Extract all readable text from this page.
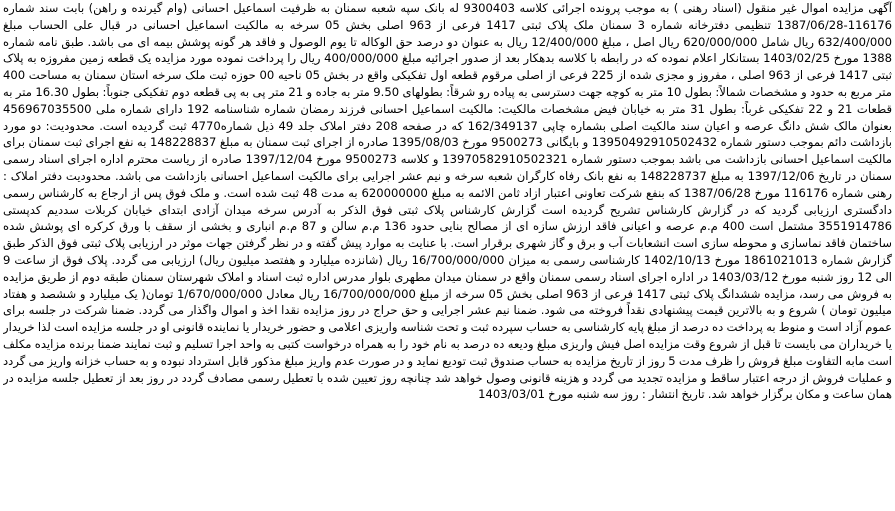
آگهی مزایده اموال غیر منقول (اسناد رهنی ) به موجب پرونده اجرائی کلاسه 9300403 له بانک سپه شعبه سمنان به ظرفیت اسماعیل احسانی (وام گیرنده و راهن) بابت سند شماره 116176-1387/06/28 تنظیمی دفترخانه شماره 3 سمنان ملک پلاک ثبتی 1417 فرعی از 963 اصلی بخش 05 سرخه به مالکیت اسماعیل احسانی در قبال علی الحساب مبلغ 632/400/000 ریال شامل 620/000/000 ریال اصل ، مبلغ 12/400/000 ریال به عنوان دو درصد حق الوکاله تا یوم الوصول و فاقد هر گونه پوشش بیمه ای می باشد. طبق نامه شماره 1388 مورخ 1403/02/25 بستانکار اعلام نموده که در رابطه با کلاسه بدهکار بعد از صدور اجرائیه مبلغ 400/000/000 ریال را پرداخت نموده مورد مزایده یک قطعه زمین مفروزه به پلاک ثبتی 1417 فرعی از 963 اصلی ، مفروز و مجزی شده از 225 فرعی از اصلی مرقوم قطعه اول تفکیکی واقع در بخش 05 ناحیه 00 حوزه ثبت ملک سرخه استان سمنان به مساحت 400 متر مربع به حدود و مشخصات شمالاً: بطول 10 متر به کوچه جهت دسترسی به پیاده رو شرقاً: بطولهای 9.50 متر به جاده و 21 متر پی به پی قطعه دوم تفکیکی جنوباً: بطول 16.30 متر به قطعات 21 و 22 تفکیکی غرباً: بطول 31 متر به خیابان فیض مشخصات مالکیت: مالکیت اسماعیل احسانی فرزند رمضان شماره شناسنامه 192 دارای شماره ملی 456967035500 بعنوان مالک شش دانگ عرصه و اعیان سند مالکیت اصلی بشماره چاپی 162/349137 که در صفحه 208 دفتر املاک جلد 49 ذیل شماره4770 ثبت گردیده است. محدودیت: دو مورد بازداشت دائم بموجب دستور شماره 13950492910502432 و بایگانی 9500273 مورخ 1395/08/03 صادره از اجرای ثبت سمنان به مبلغ 148228837 به نفع اجرای ثبت سمنان برای مالکیت اسماعیل احسانی بازداشت می باشد بموجب دستور شماره 13970582910502321 و کلاسه 9500273 مورخ 1397/12/04 صادره از ریاست محترم اداره اجرای اسناد رسمی سمنان در تاریخ 1397/12/06 به مبلغ 148228737 به نفع بانک رفاه کارگران شعبه سرخه و نیم عشر اجرایی برای مالکیت اسماعیل احسانی بازداشت می باشد. محدودیت دفتر املاک : رهنی شماره 116176 مورخ 1387/06/28 که بنفع شرکت تعاونی اعتبار ازاد ثامن الائمه به مبلغ 620000000 به مدت 48 ثبت شده است. و ملک فوق پس از ارجاع به کارشناس رسمی دادگستری ارزیابی گردید که در گزارش کارشناس تشریح گردیده است گزارش کارشناس پلاک ثبتی فوق الذکر به آدرس سرخه میدان آزادی ابتدای خیابان کربلات سددیم کدپستی 3551914786 مشتمل است 400 م.م عرصه و اعیانی فاقد ارزش سازه ای از مصالح بنایی حدود 136 م.م سالن و 87 م.م انباری و بخشی از سقف با ورق کرکره ای پوشش شده ساختمان فاقد نماسازی و محوطه سازی است انشعابات آب و برق و گاز شهری برقرار است. با عنایت به موارد پیش گفته و در نظر گرفتن جهات موثر در ارزیابی پلاک ثبتی فوق الذکر طبق گزارش شماره 1861021013 مورخ 1402/10/13 کارشناسی رسمی به میزان 16/700/000/000 ریال (شانزده میلیارد و هفتصد میلیون ریال) ارزیابی می گردد. پلاک فوق از ساعت 9 الی 12 روز شنبه مورخ 1403/03/12 در اداره اجرای اسناد رسمی سمنان واقع در سمنان میدان مطهری بلوار مدرس اداره ثبت اسناد و املاک شهرستان سمنان طبقه دوم از طریق مزایده به فروش می رسد، مزایده ششدانگ پلاک ثبتی 1417 فرعی از 963 اصلی بخش 05 سرخه از مبلغ 16/700/000/000 ریال معادل 1/670/000/000 تومان( یک میلیارد و ششصد و هفتاد میلیون تومان ) شروع و به بالاترین قیمت پیشنهادی نقداً فروخته می شود. ضمنا نیم عشر اجرایی و حق حراج در روز مزایده نقدا اخذ و اموال واگذار می گردد. ضمنا شرکت در جلسه برای عموم آزاد است و منوط به پرداخت ده درصد از مبلغ پایه کارشناسی به حساب سپرده ثبت و تحت شناسه واریزی اعلامی و حضور خریدار یا نماینده قانونی او در جلسه مزایده است لذا خریدار یا خریداران می بایست تا قبل از شروع وقت مزایده اصل فیش واریزی مبلغ ودیعه ده درصد به نام خود را به همراه درخواست کتبی به واحد اجرا تسلیم و ثبت نمایند ضمنا برنده مزایده مکلف است مابه التفاوت مبلغ فروش را ظرف مدت 5 روز از تاریخ مزایده به حساب صندوق ثبت تودیع نماید و در صورت عدم واریز مبلغ مذکور قابل استرداد نبوده و به حساب خزانه واریز می گردد و عملیات فروش از درجه اعتبار ساقط و مزایده تجدید می گردد و هزینه قانونی وصول خواهد شد چنانچه روز تعیین شده با تعطیل رسمی مصادف گردد در روز بعد از تعطیل جلسه مزایده در همان ساعت و مکان برگزار خواهد شد. تاریخ انتشار : روز سه شنبه مورخ 1403/03/01
